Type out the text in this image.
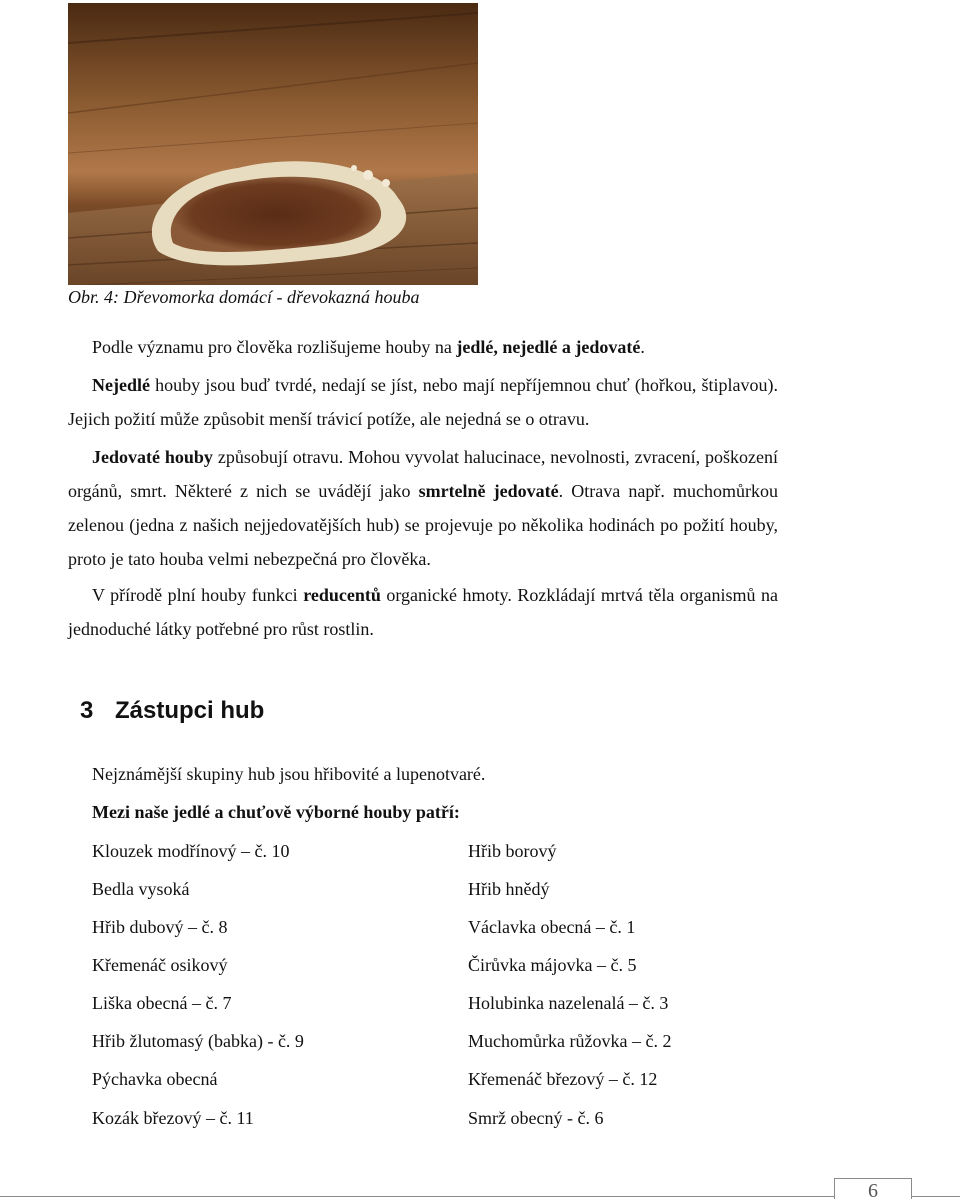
Obr. 4: Dřevomorka domácí - dřevokazná houba

Podle významu pro člověka rozlišujeme houby na jedlé, nejedlé a jedovaté.

Nejedlé houby jsou buď tvrdé, nedají se jíst, nebo mají nepříjemnou chuť (hořkou, štiplavou). Jejich požití může způsobit menší trávicí potíže, ale nejedná se o otravu.

Jedovaté houby způsobují otravu. Mohou vyvolat halucinace, nevolnosti, zvracení, poškození orgánů, smrt. Některé z nich se uvádějí jako smrtelně jedovaté. Otrava např. muchomůrkou zelenou (jedna z našich nejjedovatějších hub) se projevuje po několika hodinách po požití houby, proto je tato houba velmi nebezpečná pro člověka.

V přírodě plní houby funkci reducentů organické hmoty. Rozkládají mrtvá těla organismů na jednoduché látky potřebné pro růst rostlin.

3 Zástupci hub

Nejznámější skupiny hub jsou hřibovité a lupenotvaré.

Mezi naše jedlé a chuťově výborné houby patří:

Klouzek modřínový – č. 10	Hřib borový
Bedla vysoká	Hřib hnědý
Hřib dubový – č. 8	Václavka obecná – č. 1
Křemenáč osikový	Čirůvka májovka – č. 5
Liška obecná – č. 7	Holubinka nazelenalá – č. 3
Hřib žlutomasý (babka) - č. 9	Muchomůrka růžovka – č. 2
Pýchavka obecná	Křemenáč březový – č. 12
Kozák březový – č. 11	Smrž obecný - č. 6
6
